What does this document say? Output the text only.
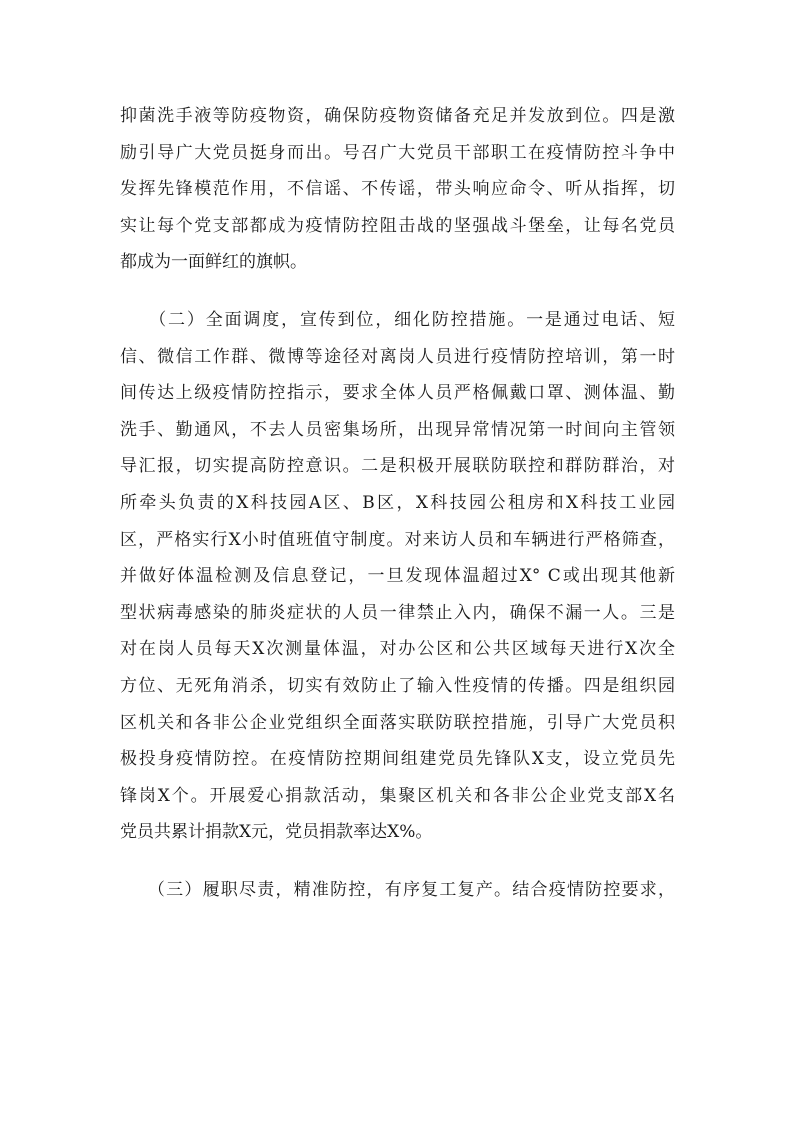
抑菌洗手液等防疫物资，确保防疫物资储备充足并发放到位。四是激
励引导广大党员挺身而出。号召广大党员干部职工在疫情防控斗争中
发挥先锋模范作用，不信谣、不传谣，带头响应命令、听从指挥，切
实让每个党支部都成为疫情防控阻击战的坚强战斗堡垒，让每名党员
都成为一面鲜红的旗帜。
　　（二）全面调度，宣传到位，细化防控措施。一是通过电话、短
信、微信工作群、微博等途径对离岗人员进行疫情防控培训，第一时
间传达上级疫情防控指示，要求全体人员严格佩戴口罩、测体温、勤
洗手、勤通风，不去人员密集场所，出现异常情况第一时间向主管领
导汇报，切实提高防控意识。二是积极开展联防联控和群防群治，对
所牵头负责的X科技园A区、B区，X科技园公租房和X科技工业园
区，严格实行X小时值班值守制度。对来访人员和车辆进行严格筛查，
并做好体温检测及信息登记，一旦发现体温超过X° C或出现其他新
型状病毒感染的肺炎症状的人员一律禁止入内，确保不漏一人。三是
对在岗人员每天X次测量体温，对办公区和公共区域每天进行X次全
方位、无死角消杀，切实有效防止了输入性疫情的传播。四是组织园
区机关和各非公企业党组织全面落实联防联控措施，引导广大党员积
极投身疫情防控。在疫情防控期间组建党员先锋队X支，设立党员先
锋岗X个。开展爱心捐款活动，集聚区机关和各非公企业党支部X名
党员共累计捐款X元，党员捐款率达X%。
　　（三）履职尽责，精准防控，有序复工复产。结合疫情防控要求，
